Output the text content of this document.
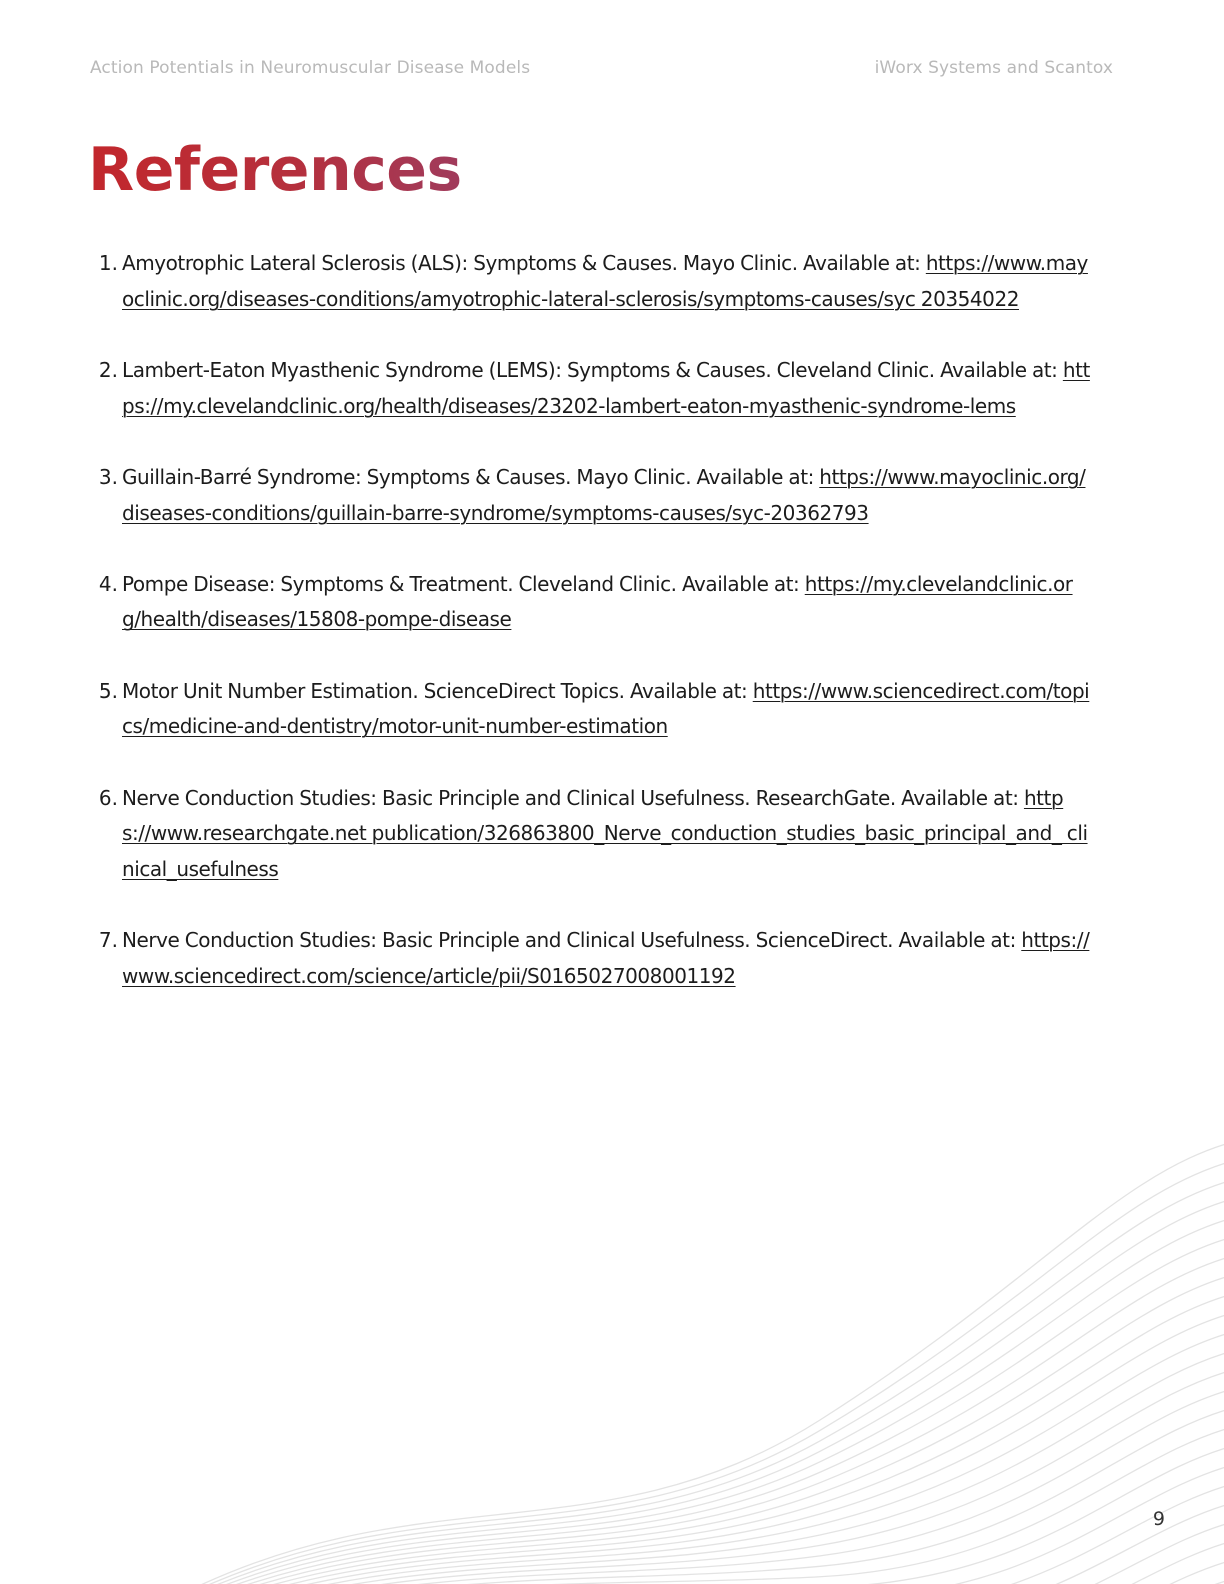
Action Potentials in Neuromuscular Disease Models	iWorx Systems and Scantox
References
1. Amyotrophic Lateral Sclerosis (ALS): Symptoms & Causes. Mayo Clinic. Available at: https://www.mayoclinic.org/diseases-conditions/amyotrophic-lateral-sclerosis/symptoms-causes/syc 20354022
2. Lambert-Eaton Myasthenic Syndrome (LEMS): Symptoms & Causes. Cleveland Clinic. Available at: https://my.clevelandclinic.org/health/diseases/23202-lambert-eaton-myasthenic-syndrome-lems
3. Guillain-Barré Syndrome: Symptoms & Causes. Mayo Clinic. Available at: https://www.mayoclinic.org/diseases-conditions/guillain-barre-syndrome/symptoms-causes/syc-20362793
4. Pompe Disease: Symptoms & Treatment. Cleveland Clinic. Available at: https://my.clevelandclinic.org/health/diseases/15808-pompe-disease
5. Motor Unit Number Estimation. ScienceDirect Topics. Available at: https://www.sciencedirect.com/topics/medicine-and-dentistry/motor-unit-number-estimation
6. Nerve Conduction Studies: Basic Principle and Clinical Usefulness. ResearchGate. Available at: https://www.researchgate.net publication/326863800_Nerve_conduction_studies_basic_principal_and_ clinical_usefulness
7. Nerve Conduction Studies: Basic Principle and Clinical Usefulness. ScienceDirect. Available at: https://www.sciencedirect.com/science/article/pii/S0165027008001192
9
